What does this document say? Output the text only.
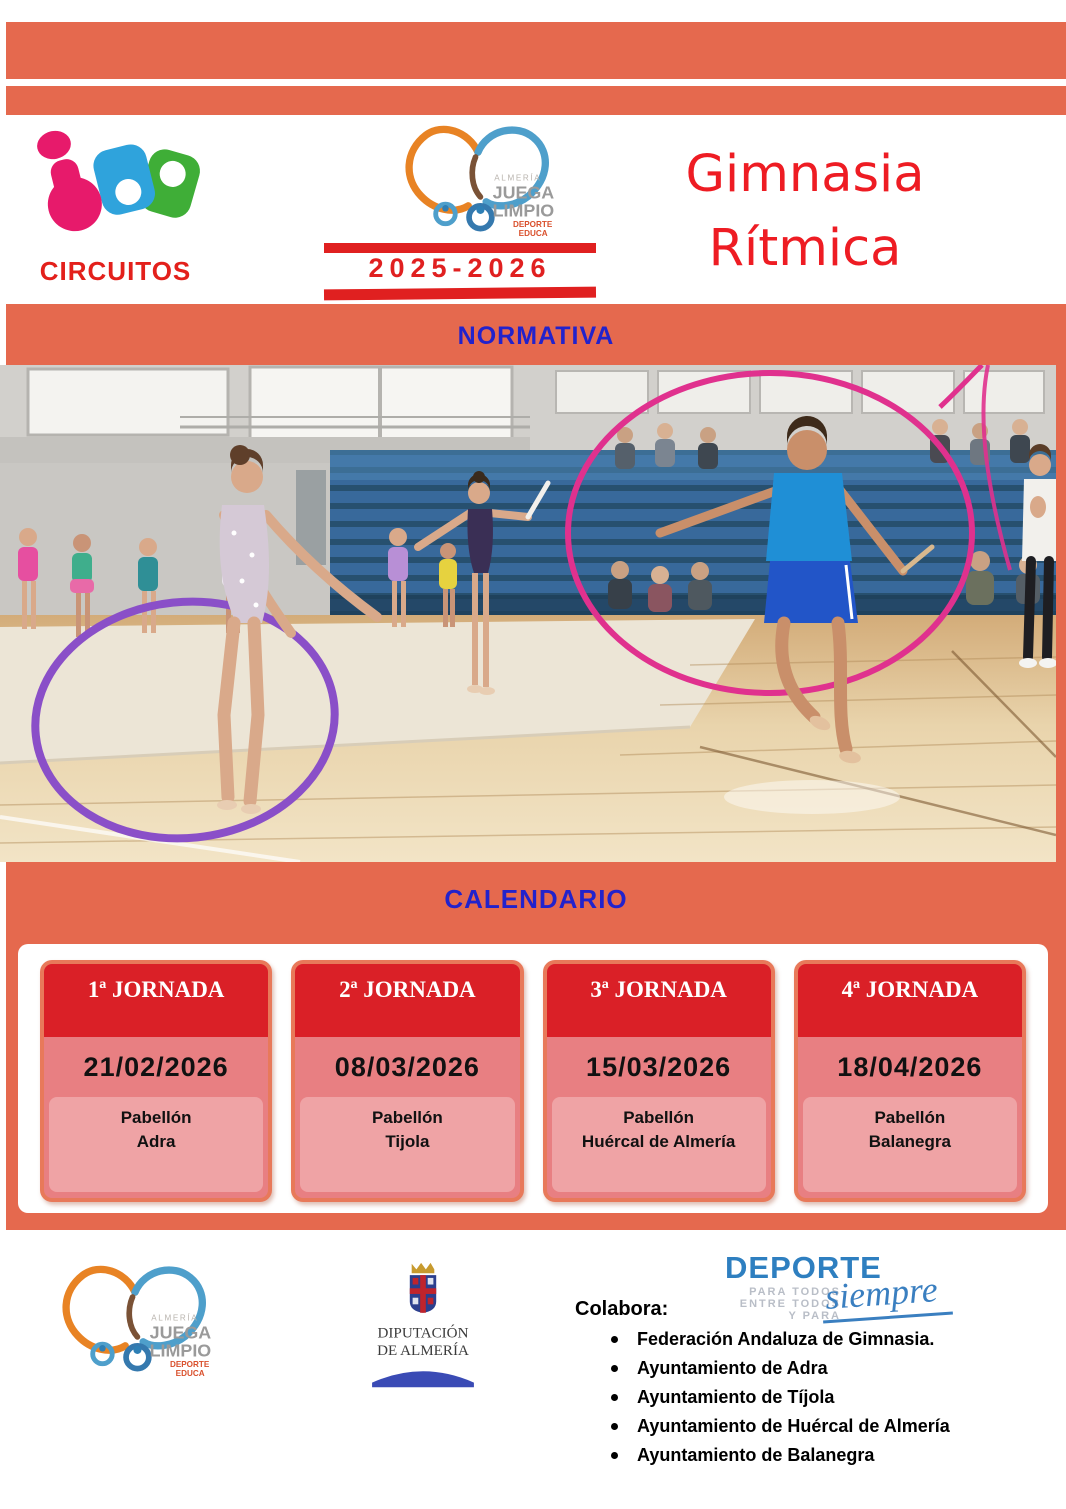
CIRCUITOS	2025-2026
Gimnasia
Rítmica
NORMATIVA
CALENDARIO
1ª JORNADA
21/02/2026
Pabellón
Adra
2ª JORNADA
08/03/2026
Pabellón
Tijola
3ª JORNADA
15/03/2026
Pabellón
Huércal de Almería
4ª JORNADA
18/04/2026
Pabellón
Balanegra
DIPUTACIÓN
DE ALMERÍA
DEPORTE
PARA TODOS
ENTRE TODOS
Y PARA
siempre
Colabora:
Federación Andaluza de Gimnasia.
Ayuntamiento de Adra
Ayuntamiento de Tíjola
Ayuntamiento de Huércal de Almería
Ayuntamiento de Balanegra
